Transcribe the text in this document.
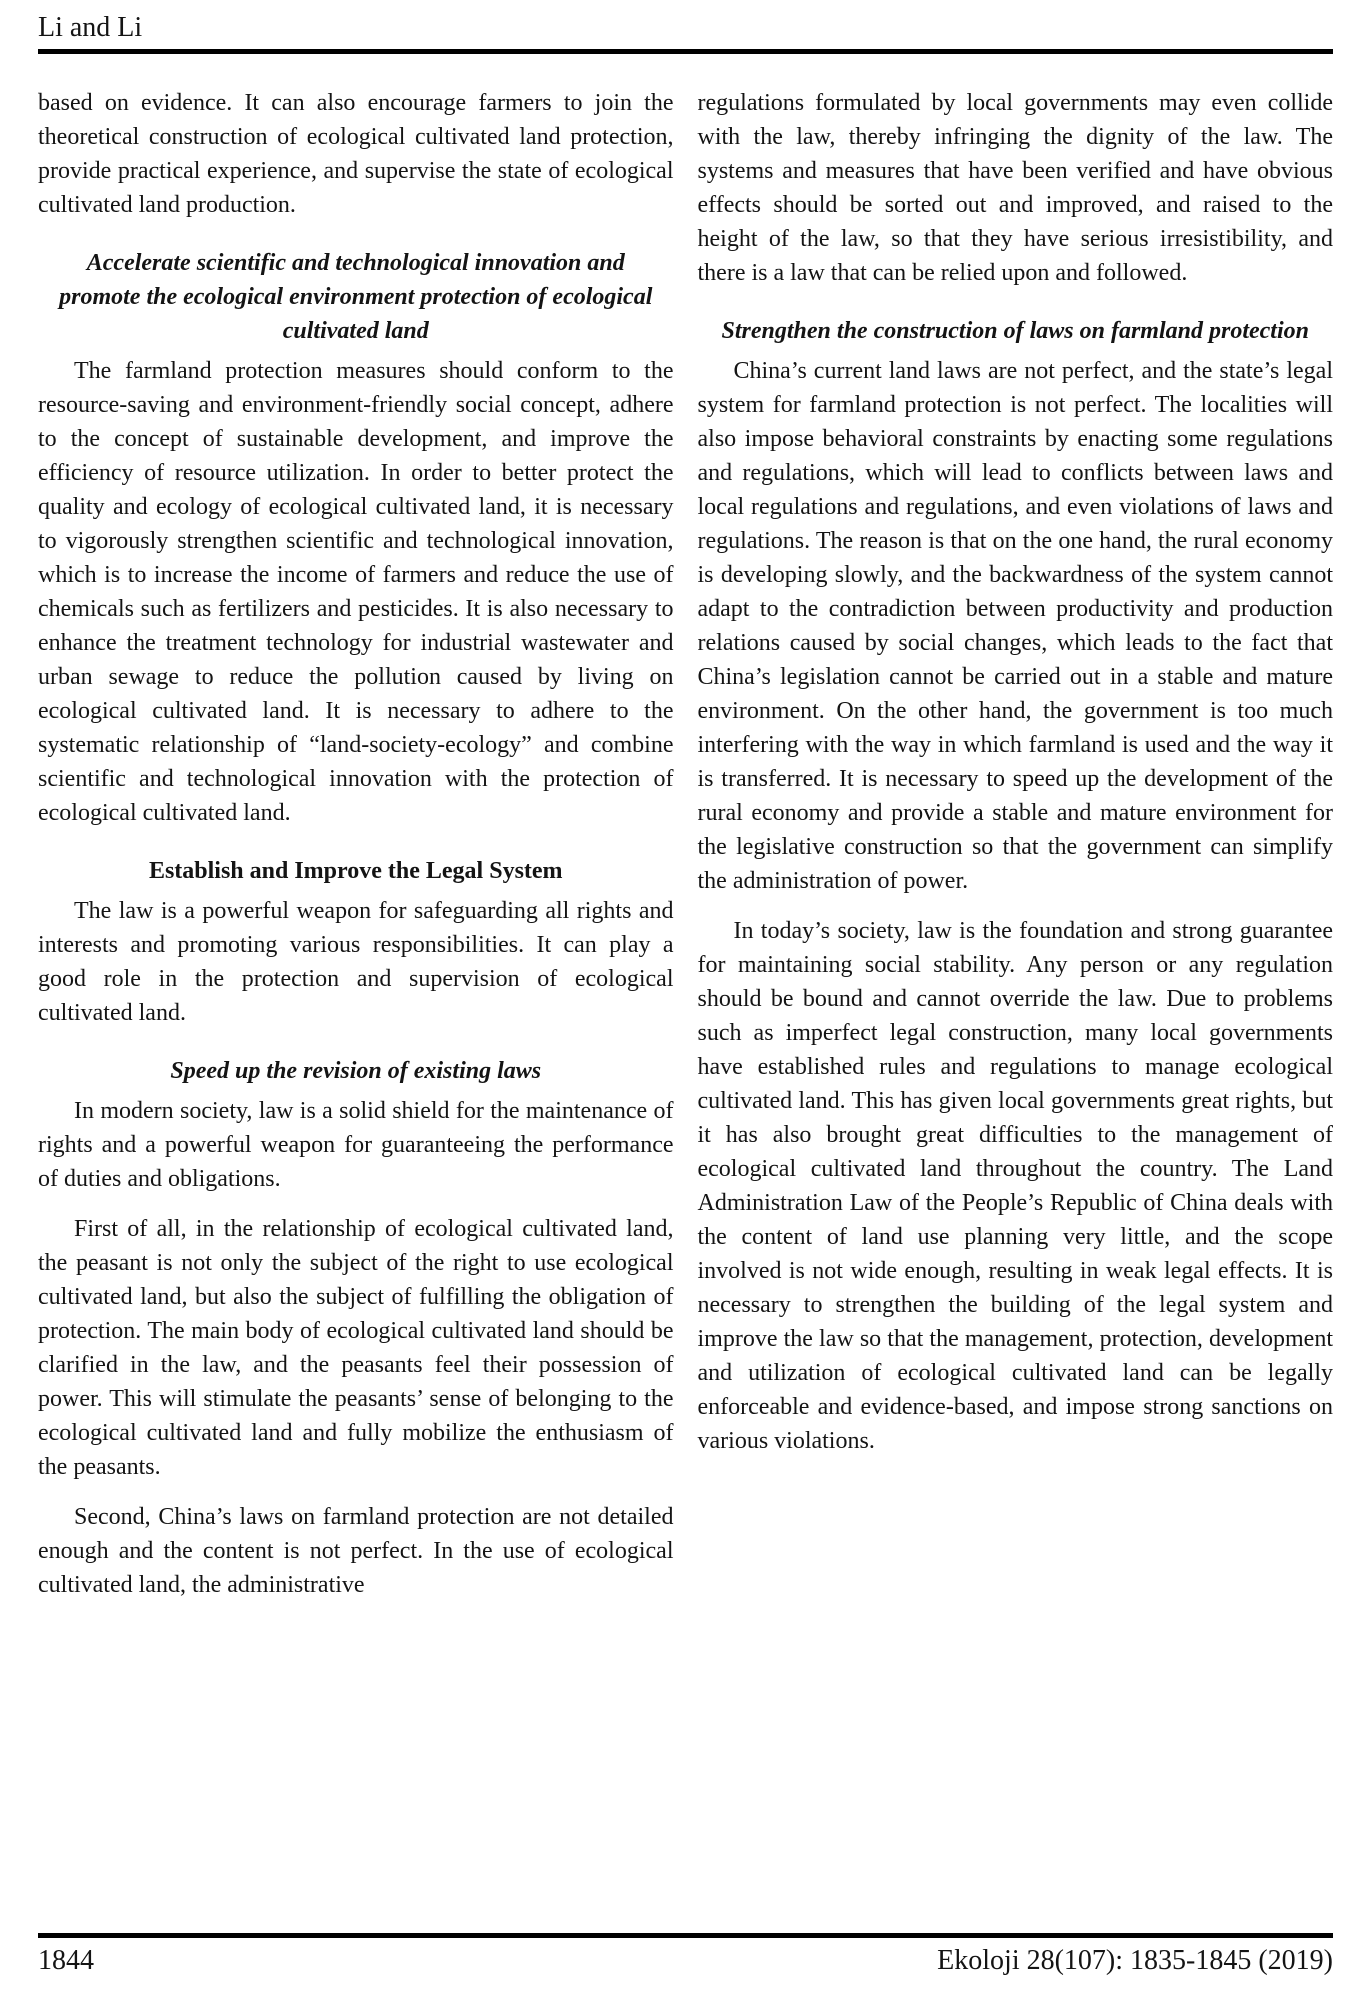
Li and Li

based on evidence. It can also encourage farmers to join the theoretical construction of ecological cultivated land protection, provide practical experience, and supervise the state of ecological cultivated land production.

Accelerate scientific and technological innovation and promote the ecological environment protection of ecological cultivated land

The farmland protection measures should conform to the resource-saving and environment-friendly social concept, adhere to the concept of sustainable development, and improve the efficiency of resource utilization. In order to better protect the quality and ecology of ecological cultivated land, it is necessary to vigorously strengthen scientific and technological innovation, which is to increase the income of farmers and reduce the use of chemicals such as fertilizers and pesticides. It is also necessary to enhance the treatment technology for industrial wastewater and urban sewage to reduce the pollution caused by living on ecological cultivated land. It is necessary to adhere to the systematic relationship of “land-society-ecology” and combine scientific and technological innovation with the protection of ecological cultivated land.

Establish and Improve the Legal System

The law is a powerful weapon for safeguarding all rights and interests and promoting various responsibilities. It can play a good role in the protection and supervision of ecological cultivated land.

Speed up the revision of existing laws

In modern society, law is a solid shield for the maintenance of rights and a powerful weapon for guaranteeing the performance of duties and obligations.

First of all, in the relationship of ecological cultivated land, the peasant is not only the subject of the right to use ecological cultivated land, but also the subject of fulfilling the obligation of protection. The main body of ecological cultivated land should be clarified in the law, and the peasants feel their possession of power. This will stimulate the peasants’ sense of belonging to the ecological cultivated land and fully mobilize the enthusiasm of the peasants.

Second, China’s laws on farmland protection are not detailed enough and the content is not perfect. In the use of ecological cultivated land, the administrative

regulations formulated by local governments may even collide with the law, thereby infringing the dignity of the law. The systems and measures that have been verified and have obvious effects should be sorted out and improved, and raised to the height of the law, so that they have serious irresistibility, and there is a law that can be relied upon and followed.

Strengthen the construction of laws on farmland protection

China’s current land laws are not perfect, and the state’s legal system for farmland protection is not perfect. The localities will also impose behavioral constraints by enacting some regulations and regulations, which will lead to conflicts between laws and local regulations and regulations, and even violations of laws and regulations. The reason is that on the one hand, the rural economy is developing slowly, and the backwardness of the system cannot adapt to the contradiction between productivity and production relations caused by social changes, which leads to the fact that China’s legislation cannot be carried out in a stable and mature environment. On the other hand, the government is too much interfering with the way in which farmland is used and the way it is transferred. It is necessary to speed up the development of the rural economy and provide a stable and mature environment for the legislative construction so that the government can simplify the administration of power.

In today’s society, law is the foundation and strong guarantee for maintaining social stability. Any person or any regulation should be bound and cannot override the law. Due to problems such as imperfect legal construction, many local governments have established rules and regulations to manage ecological cultivated land. This has given local governments great rights, but it has also brought great difficulties to the management of ecological cultivated land throughout the country. The Land Administration Law of the People’s Republic of China deals with the content of land use planning very little, and the scope involved is not wide enough, resulting in weak legal effects. It is necessary to strengthen the building of the legal system and improve the law so that the management, protection, development and utilization of ecological cultivated land can be legally enforceable and evidence-based, and impose strong sanctions on various violations.

1844	Ekoloji 28(107): 1835-1845 (2019)
